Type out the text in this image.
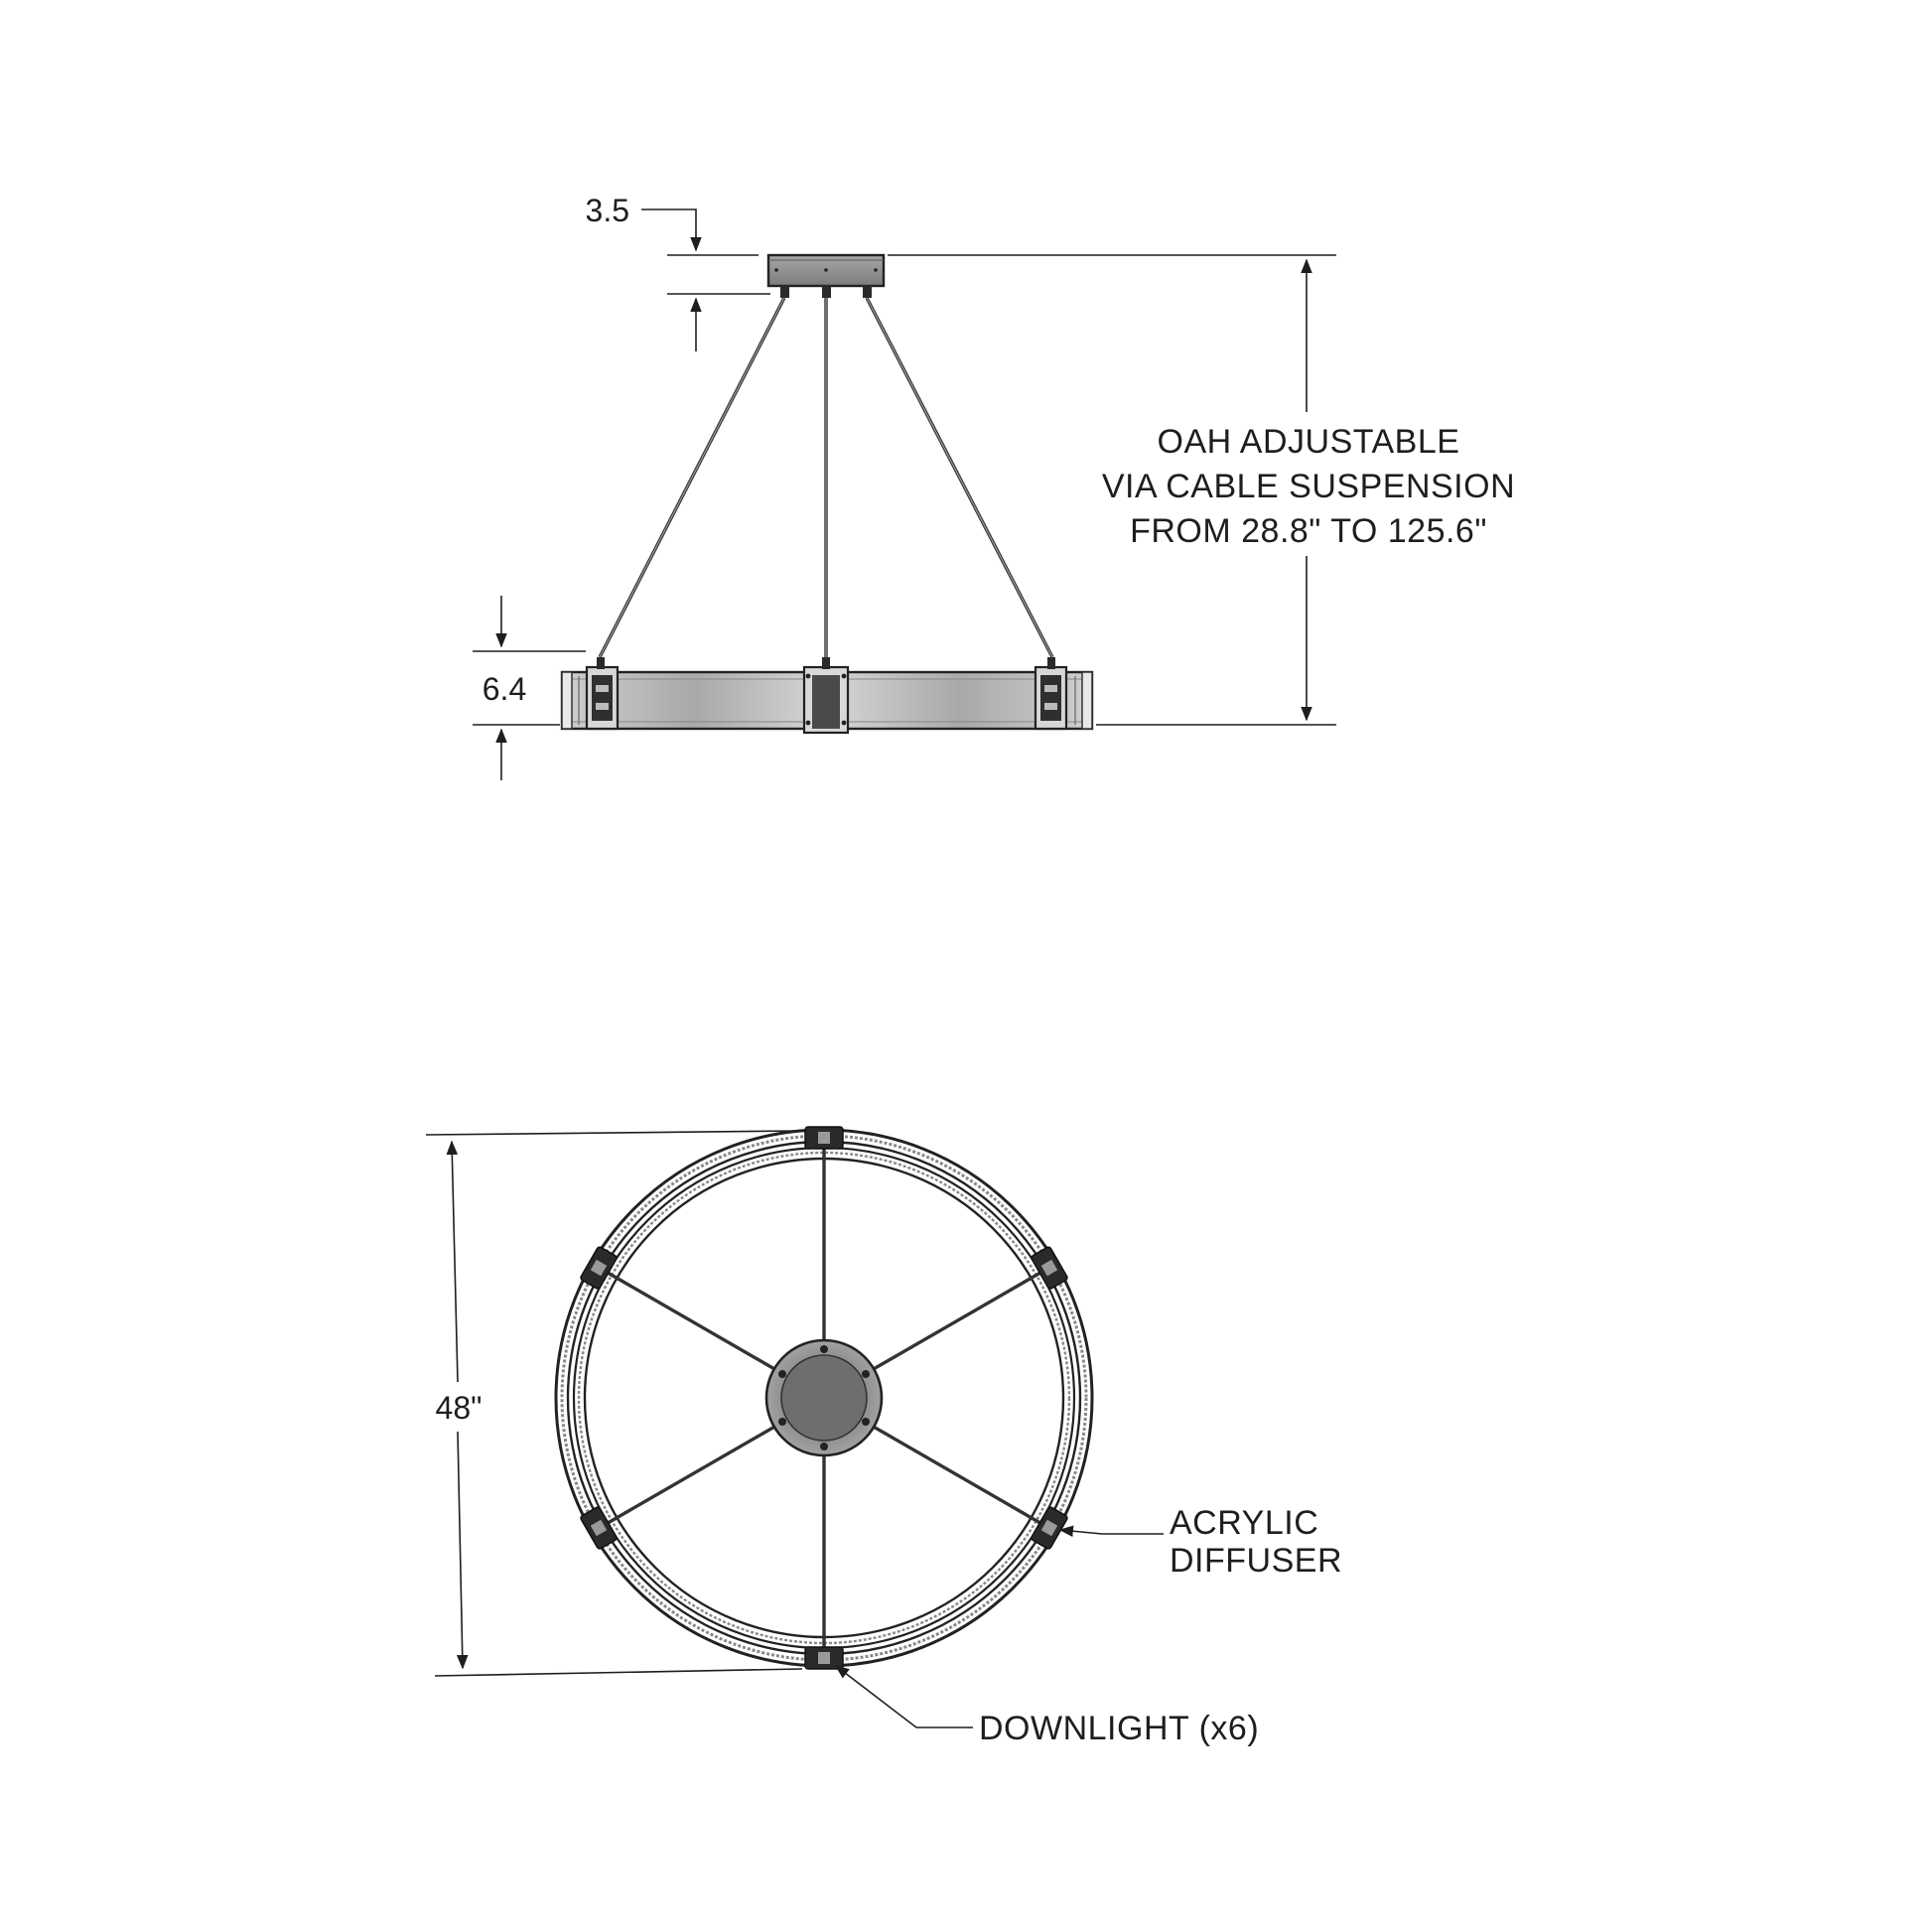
3.5
6.4
OAH ADJUSTABLE
VIA CABLE SUSPENSION
FROM 28.8" TO 125.6"
48"
ACRYLIC
DIFFUSER
DOWNLIGHT (x6)
